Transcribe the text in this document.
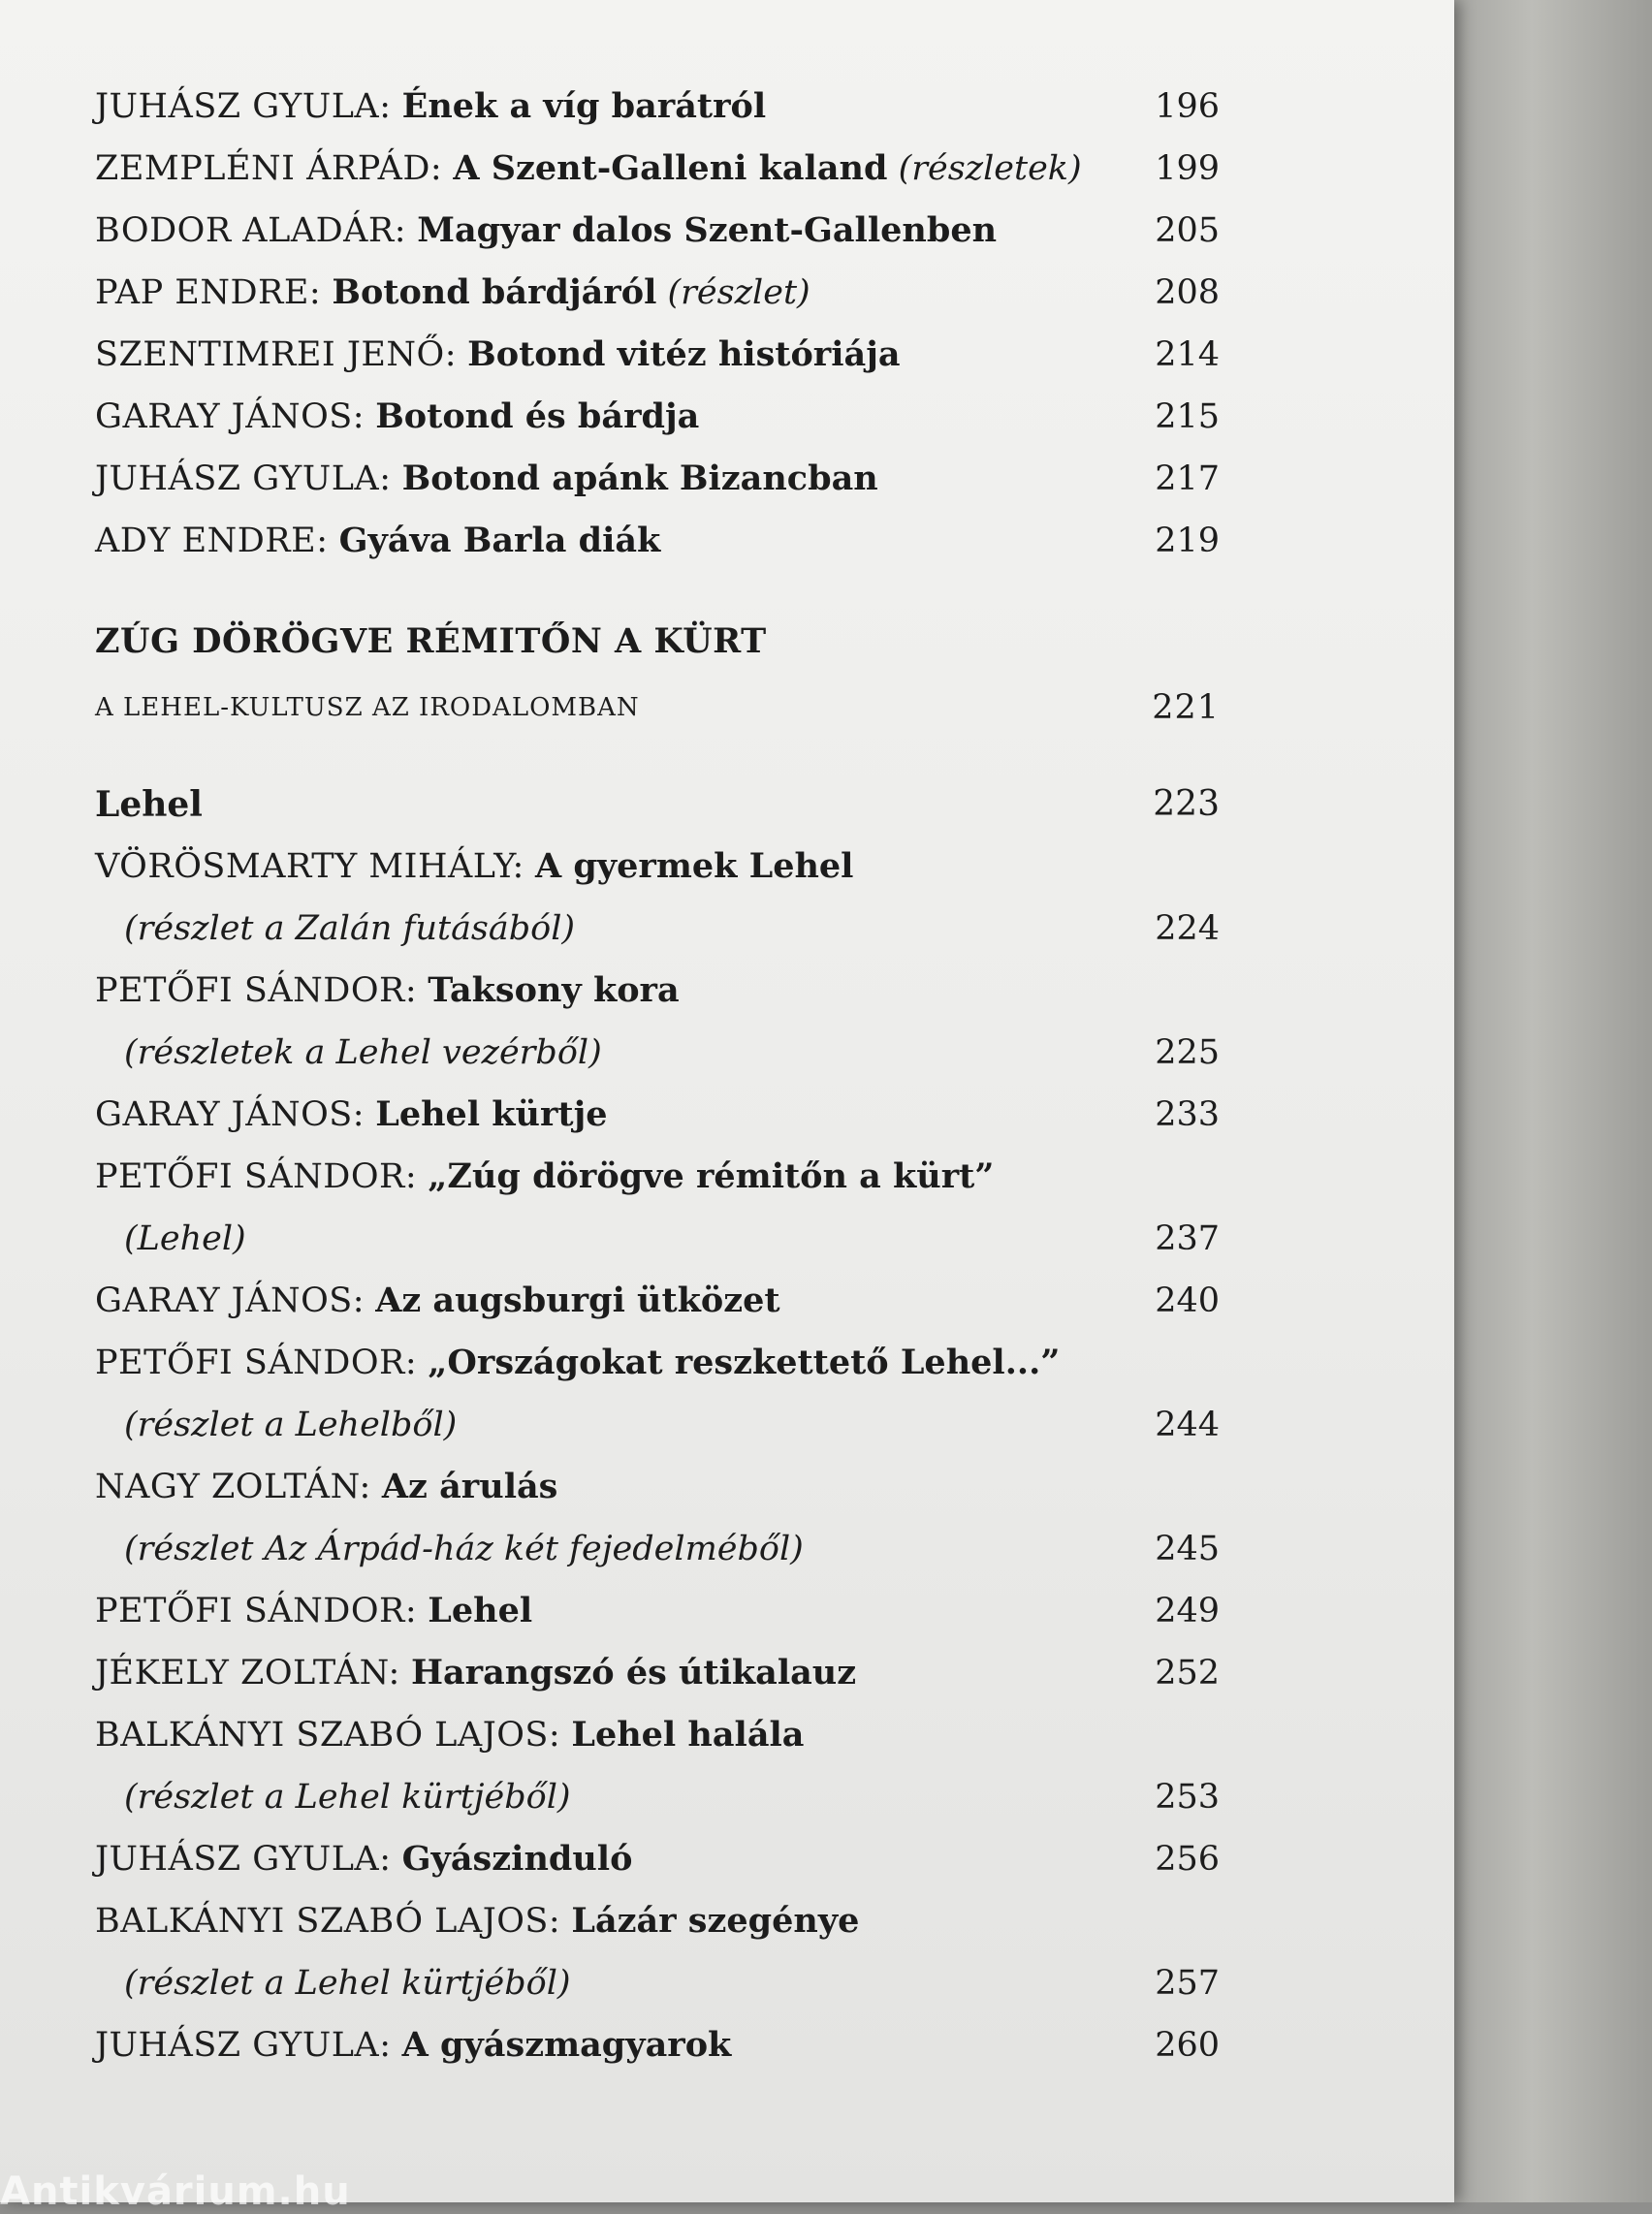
JUHÁSZ GYULA: Ének a víg barátról	196
ZEMPLÉNI ÁRPÁD: A Szent-Galleni kaland (részletek) 199
BODOR ALADÁR: Magyar dalos Szent-Gallenben	205
PAP ENDRE: Botond bárdjáról (részlet)	208
SZENTIMREI JENŐ: Botond vitéz históriája	214
GARAY JÁNOS: Botond és bárdja	215
JUHÁSZ GYULA: Botond apánk Bizancban	217
ADY ENDRE: Gyáva Barla diák	219
ZÚG DÖRÖGVE RÉMITŐN A KÜRT
A LEHEL-KULTUSZ AZ IRODALOMBAN	221
Lehel	223
VÖRÖSMARTY MIHÁLY: A gyermek Lehel
(részlet a Zalán futásából)	224
PETŐFI SÁNDOR: Taksony kora
(részletek a Lehel vezérből)	225
GARAY JÁNOS: Lehel kürtje	233
PETŐFI SÁNDOR: „Zúg dörögve rémitőn a kürt”
(Lehel)	237
GARAY JÁNOS: Az augsburgi ütközet	240
PETŐFI SÁNDOR: „Országokat reszkettető Lehel...”
(részlet a Lehelből)	244
NAGY ZOLTÁN: Az árulás
(részlet Az Árpád-ház két fejedelméből)	245
PETŐFI SÁNDOR: Lehel	249
JÉKELY ZOLTÁN: Harangszó és útikalauz	252
BALKÁNYI SZABÓ LAJOS: Lehel halála
(részlet a Lehel kürtjéből)	253
JUHÁSZ GYULA: Gyászinduló	256
BALKÁNYI SZABÓ LAJOS: Lázár szegénye
(részlet a Lehel kürtjéből)	257
JUHÁSZ GYULA: A gyászmagyarok	260
Antikvárium.hu
